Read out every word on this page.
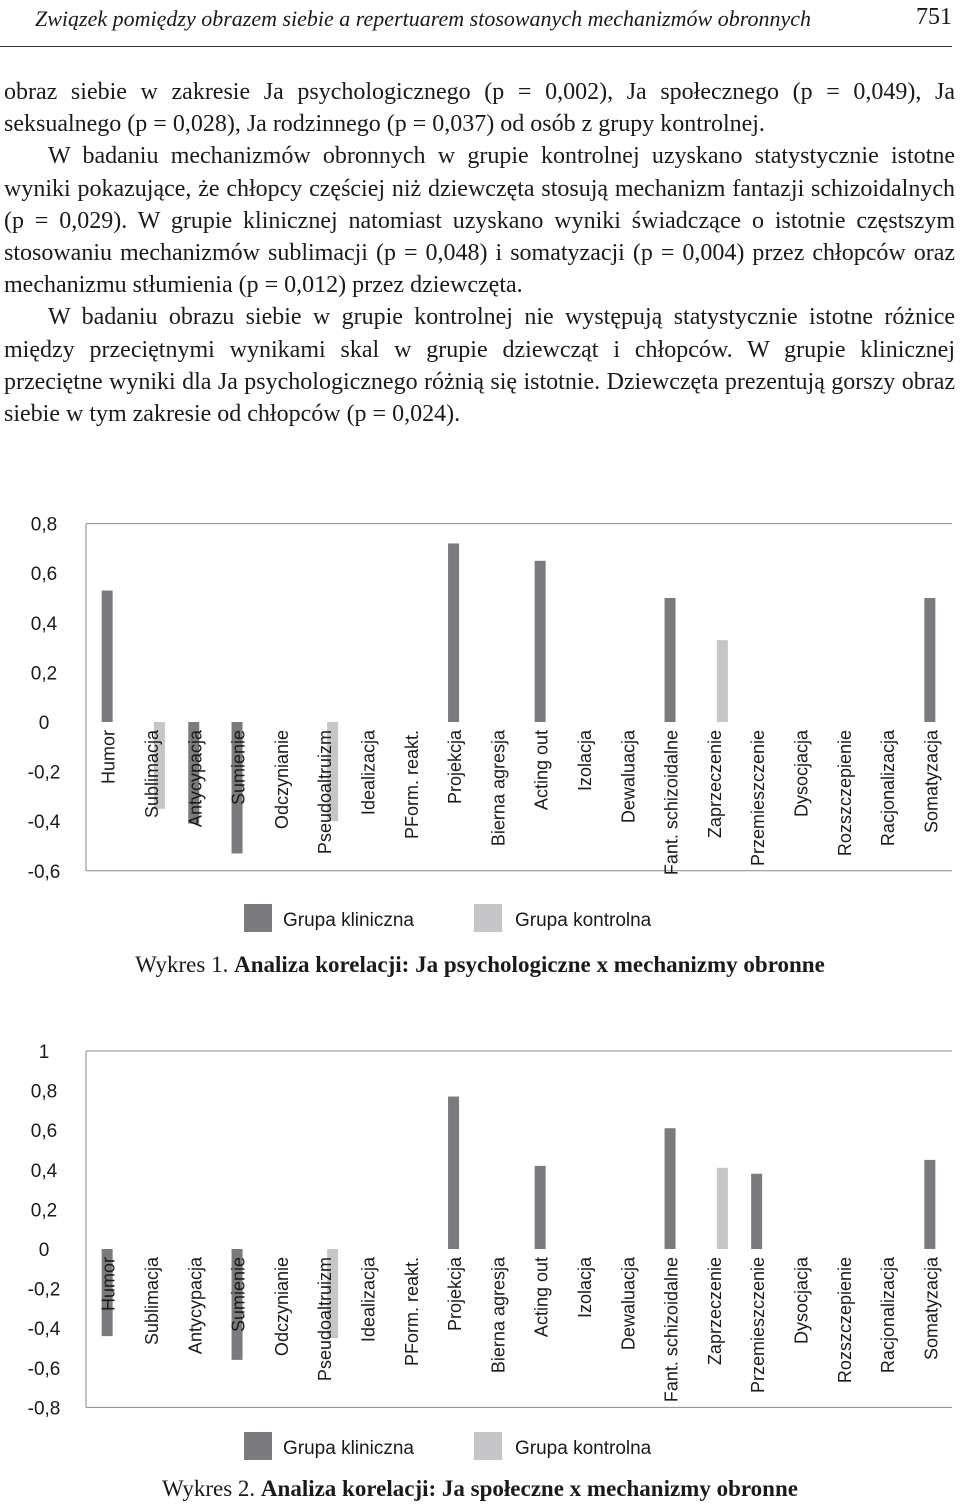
Związek pomiędzy obrazem siebie a repertuarem stosowanych mechanizmów obronnych	751

obraz siebie w zakresie Ja psychologicznego (p = 0,002), Ja społecznego (p = 0,049), Ja seksualnego (p = 0,028), Ja rodzinnego (p = 0,037) od osób z grupy kontrolnej.

W badaniu mechanizmów obronnych w grupie kontrolnej uzyskano statystycznie istotne wyniki pokazujące, że chłopcy częściej niż dziewczęta stosują mechanizm fantazji schizoidalnych (p = 0,029). W grupie klinicznej natomiast uzyskano wyniki świadczące o istotnie częstszym stosowaniu mechanizmów sublimacji (p = 0,048) i somatyzacji (p = 0,004) przez chłopców oraz mechanizmu stłumienia (p = 0,012) przez dziewczęta.

W badaniu obrazu siebie w grupie kontrolnej nie występują statystycznie istotne różnice między przeciętnymi wynikami skal w grupie dziewcząt i chłopców. W grupie klinicznej przeciętne wyniki dla Ja psychologicznego różnią się istotnie. Dziewczęta prezentują gorszy obraz siebie w tym zakresie od chłopców (p = 0,024).

0,8
0,6
0,4
0,2
0
-0,2
-0,4
-0,6
Humor Sublimacja Antycypacja Sumienie Odczynianie Pseudoaltruizm Idealizacja PForm. reakt. Projekcja Bierna agresja Acting out Izolacja Dewaluacja Fant. schizoidalne Zaprzeczenie Przemieszczenie Dysocjacja Rozszczepienie Racjonalizacja Somatyzacja
Grupa kliniczna	Grupa kontrolna
Wykres 1. Analiza korelacji: Ja psychologiczne x mechanizmy obronne
1
0,8
0,6
0,4
0,2
0
-0,2
-0,4
-0,6
-0,8
Humor Sublimacja Antycypacja Sumienie Odczynianie Pseudoaltruizm Idealizacja PForm. reakt. Projekcja Bierna agresja Acting out Izolacja Dewaluacja Fant. schizoidalne Zaprzeczenie Przemieszczenie Dysocjacja Rozszczepienie Racjonalizacja Somatyzacja
Grupa kliniczna	Grupa kontrolna
Wykres 2. Analiza korelacji: Ja społeczne x mechanizmy obronne
